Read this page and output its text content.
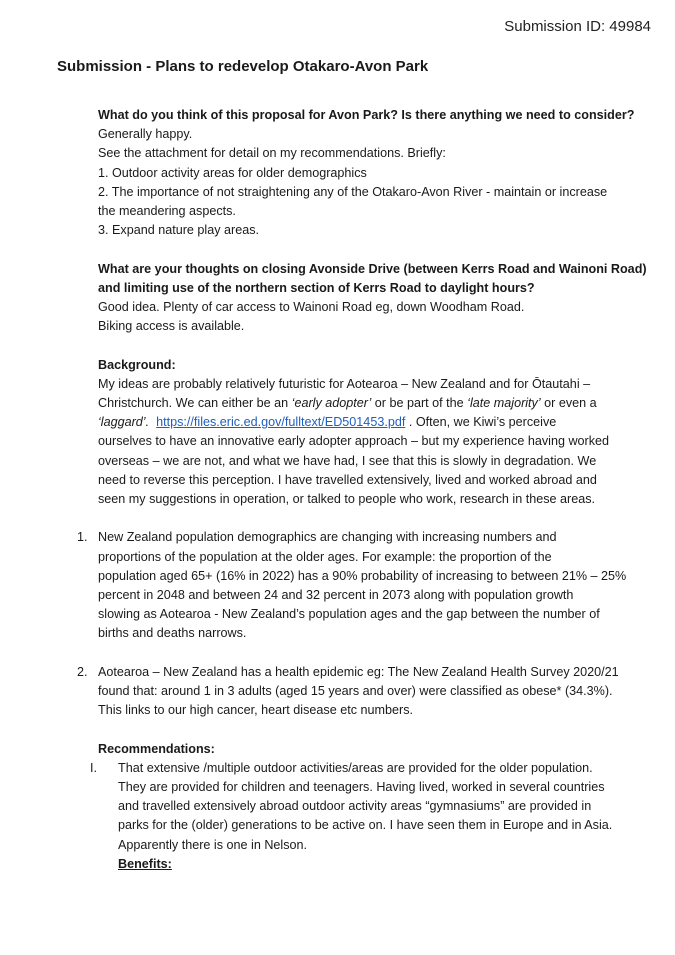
Submission ID: 49984
Submission - Plans to redevelop Otakaro-Avon Park
What do you think of this proposal for Avon Park? Is there anything we need to consider?
Generally happy.
See the attachment for detail on my recommendations. Briefly:
1. Outdoor activity areas for older demographics
2. The importance of not straightening any of the Otakaro-Avon River - maintain or increase
the meandering aspects.
3. Expand nature play areas.
What are your thoughts on closing Avonside Drive (between Kerrs Road and Wainoni Road)
and limiting use of the northern section of Kerrs Road to daylight hours?
Good idea. Plenty of car access to Wainoni Road eg, down Woodham Road.
Biking access is available.
Background:
My ideas are probably relatively futuristic for Aotearoa – New Zealand and for Ōtautahi –
Christchurch. We can either be an ‘early adopter’ or be part of the ‘late majority’ or even a
‘laggard’. https://files.eric.ed.gov/fulltext/ED501453.pdf . Often, we Kiwi’s perceive
ourselves to have an innovative early adopter approach – but my experience having worked
overseas – we are not, and what we have had, I see that this is slowly in degradation. We
need to reverse this perception. I have travelled extensively, lived and worked abroad and
seen my suggestions in operation, or talked to people who work, research in these areas.
1. New Zealand population demographics are changing with increasing numbers and
proportions of the population at the older ages. For example: the proportion of the
population aged 65+ (16% in 2022) has a 90% probability of increasing to between 21% – 25%
percent in 2048 and between 24 and 32 percent in 2073 along with population growth
slowing as Aotearoa - New Zealand’s population ages and the gap between the number of
births and deaths narrows.
2. Aotearoa – New Zealand has a health epidemic eg: The New Zealand Health Survey 2020/21
found that: around 1 in 3 adults (aged 15 years and over) were classified as obese* (34.3%).
This links to our high cancer, heart disease etc numbers.
Recommendations:
I. That extensive /multiple outdoor activities/areas are provided for the older population.
They are provided for children and teenagers. Having lived, worked in several countries
and travelled extensively abroad outdoor activity areas “gymnasiums” are provided in
parks for the (older) generations to be active on. I have seen them in Europe and in Asia.
Apparently there is one in Nelson.
Benefits:
